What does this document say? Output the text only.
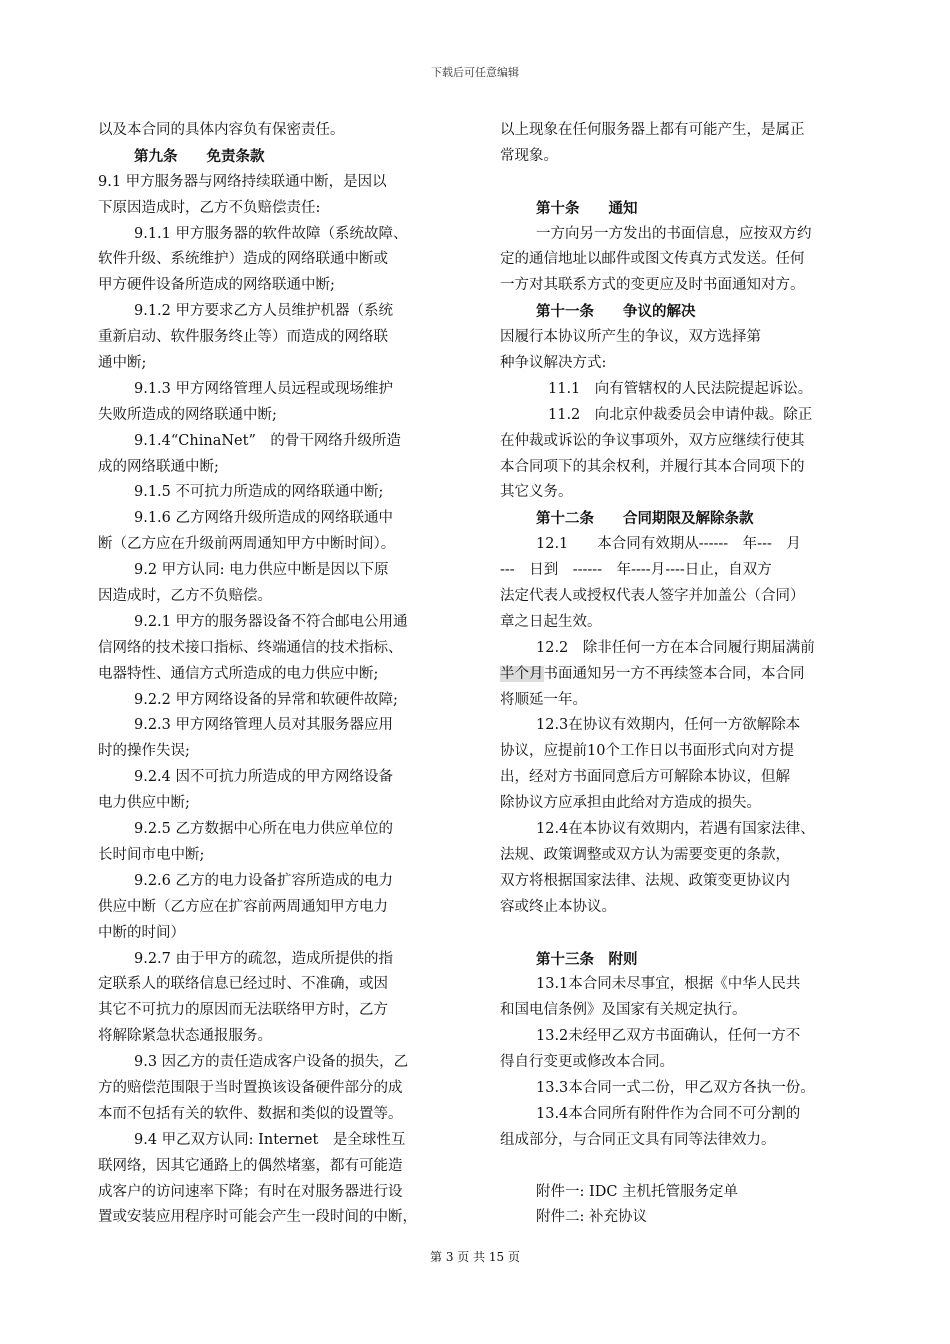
下载后可任意编辑
以及本合同的具体内容负有保密责任。
第九条　　免责条款
9.1 甲方服务器与网络持续联通中断，是因以
下原因造成时，乙方不负赔偿责任:
9.1.1 甲方服务器的软件故障（系统故障、
软件升级、系统维护）造成的网络联通中断或
甲方硬件设备所造成的网络联通中断;
9.1.2 甲方要求乙方人员维护机器（系统
重新启动、软件服务终止等）而造成的网络联
通中断;
9.1.3 甲方网络管理人员远程或现场维护
失败所造成的网络联通中断;
9.1.4“ChinaNet”　的骨干网络升级所造
成的网络联通中断;
9.1.5 不可抗力所造成的网络联通中断;
9.1.6 乙方网络升级所造成的网络联通中
断（乙方应在升级前两周通知甲方中断时间）。
9.2 甲方认同: 电力供应中断是因以下原
因造成时，乙方不负赔偿。
9.2.1 甲方的服务器设备不符合邮电公用通
信网络的技术接口指标、终端通信的技术指标、
电器特性、通信方式所造成的电力供应中断;
9.2.2 甲方网络设备的异常和软硬件故障;
9.2.3 甲方网络管理人员对其服务器应用
时的操作失误;
9.2.4 因不可抗力所造成的甲方网络设备
电力供应中断;
9.2.5 乙方数据中心所在电力供应单位的
长时间市电中断;
9.2.6 乙方的电力设备扩容所造成的电力
供应中断（乙方应在扩容前两周通知甲方电力
中断的时间）
9.2.7 由于甲方的疏忽，造成所提供的指
定联系人的联络信息已经过时、不准确，或因
其它不可抗力的原因而无法联络甲方时，乙方
将解除紧急状态通报服务。
9.3 因乙方的责任造成客户设备的损失，乙
方的赔偿范围限于当时置换该设备硬件部分的成
本而不包括有关的软件、数据和类似的设置等。
9.4 甲乙双方认同: Internet　是全球性互
联网络，因其它通路上的偶然堵塞，都有可能造
成客户的访问速率下降；有时在对服务器进行设
置或安装应用程序时可能会产生一段时间的中断，
以上现象在任何服务器上都有可能产生，是属正
常现象。
第十条　　通知
一方向另一方发出的书面信息，应按双方约
定的通信地址以邮件或图文传真方式发送。任何
一方对其联系方式的变更应及时书面通知对方。
第十一条　　争议的解决
因履行本协议所产生的争议，双方选择第
种争议解决方式:
11.1　向有管辖权的人民法院提起诉讼。
11.2　向北京仲裁委员会申请仲裁。除正
在仲裁或诉讼的争议事项外，双方应继续行使其
本合同项下的其余权利，并履行其本合同项下的
其它义务。
第十二条　　合同期限及解除条款
12.1　　本合同有效期从------　年---　月
---　日到　------　年----月----日止，自双方
法定代表人或授权代表人签字并加盖公（合同）
章之日起生效。
12.2　除非任何一方在本合同履行期届满前
半个月书面通知另一方不再续签本合同，本合同
将顺延一年。
12.3在协议有效期内，任何一方欲解除本
协议，应提前10个工作日以书面形式向对方提
出，经对方书面同意后方可解除本协议，但解
除协议方应承担由此给对方造成的损失。
12.4在本协议有效期内，若遇有国家法律、
法规、政策调整或双方认为需要变更的条款，
双方将根据国家法律、法规、政策变更协议内
容或终止本协议。
第十三条　附则
13.1本合同未尽事宜，根据《中华人民共
和国电信条例》及国家有关规定执行。
13.2未经甲乙双方书面确认，任何一方不
得自行变更或修改本合同。
13.3本合同一式二份，甲乙双方各执一份。
13.4本合同所有附件作为合同不可分割的
组成部分，与合同正文具有同等法律效力。
附件一: IDC 主机托管服务定单
附件二: 补充协议
第 3 页 共 15 页
